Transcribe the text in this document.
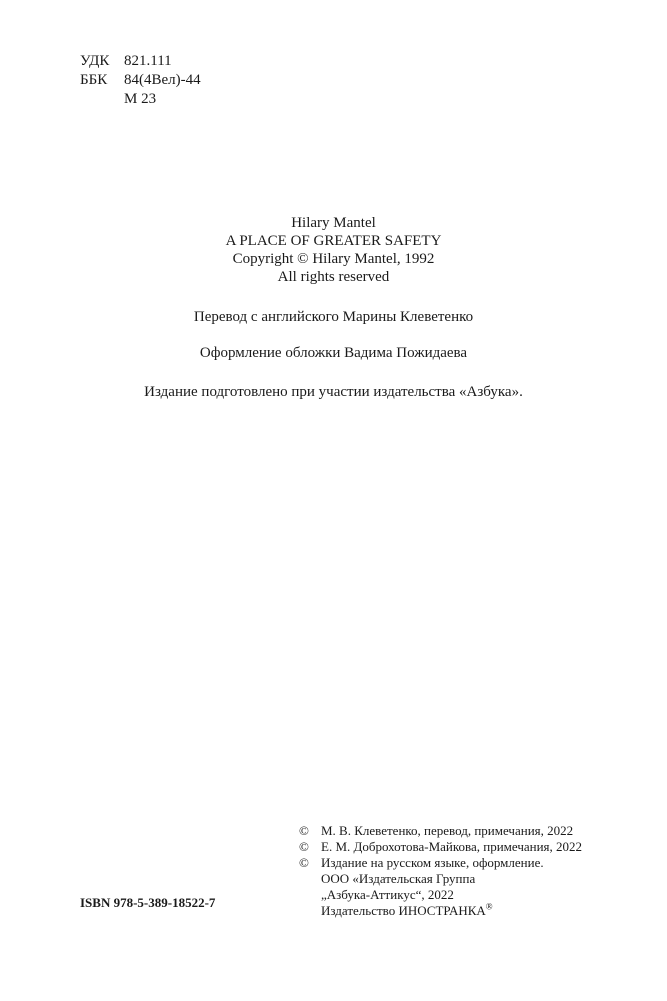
УДК 821.111
ББК	84(4Вел)-44
М 23
Hilary Mantel
A PLACE OF GREATER SAFETY
Copyright © Hilary Mantel, 1992
All rights reserved
Перевод с английского Марины Клеветенко
Оформление обложки Вадима Пожидаева
Издание подготовлено при участии издательства «Азбука».
© М. В. Клеветенко, перевод, примечания, 2022
© Е. М. Доброхотова-Майкова, примечания, 2022
© Издание на русском языке, оформление.
ООО «Издательская Группа
„Азбука-Аттикус“, 2022
Издательство ИНОСТРАНКА®
ISBN 978-5-389-18522-7
